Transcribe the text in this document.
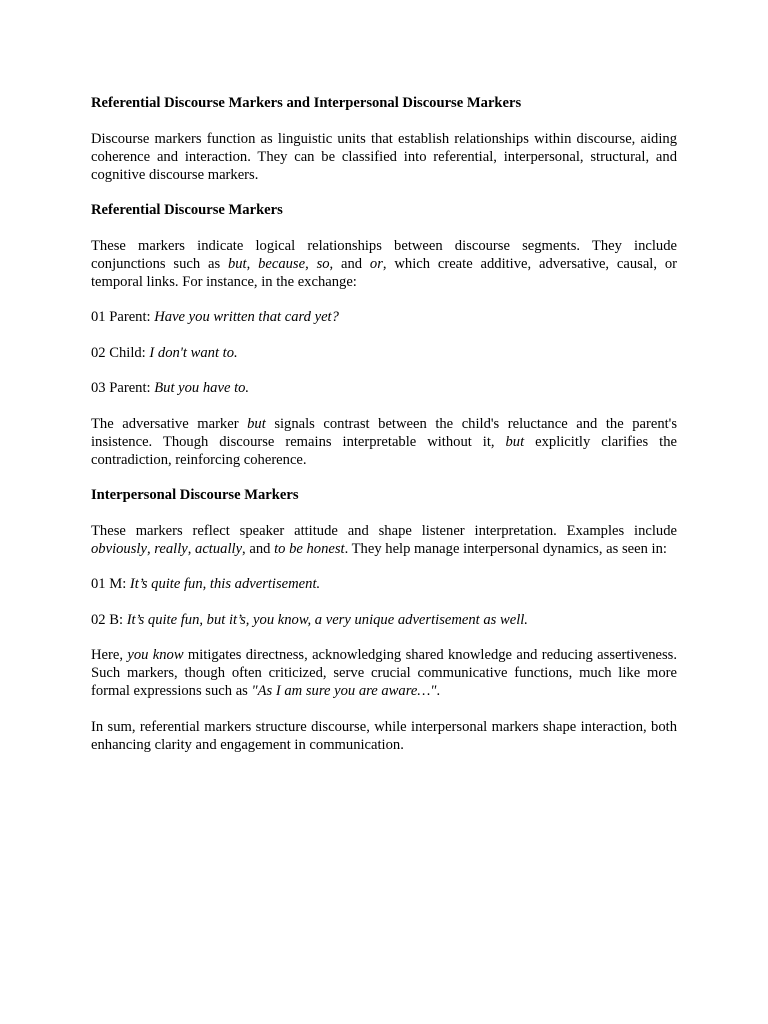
Referential Discourse Markers and Interpersonal Discourse Markers

Discourse markers function as linguistic units that establish relationships within discourse, aiding coherence and interaction. They can be classified into referential, interpersonal, structural, and cognitive discourse markers.

Referential Discourse Markers

These markers indicate logical relationships between discourse segments. They include conjunctions such as but, because, so, and or, which create additive, adversative, causal, or temporal links. For instance, in the exchange:

01 Parent: Have you written that card yet?

02 Child: I don't want to.

03 Parent: But you have to.

The adversative marker but signals contrast between the child's reluctance and the parent's insistence. Though discourse remains interpretable without it, but explicitly clarifies the contradiction, reinforcing coherence.

Interpersonal Discourse Markers

These markers reflect speaker attitude and shape listener interpretation. Examples include obviously, really, actually, and to be honest. They help manage interpersonal dynamics, as seen in:

01 M: It’s quite fun, this advertisement.

02 B: It’s quite fun, but it’s, you know, a very unique advertisement as well.

Here, you know mitigates directness, acknowledging shared knowledge and reducing assertiveness. Such markers, though often criticized, serve crucial communicative functions, much like more formal expressions such as "As I am sure you are aware…".

In sum, referential markers structure discourse, while interpersonal markers shape interaction, both enhancing clarity and engagement in communication.
